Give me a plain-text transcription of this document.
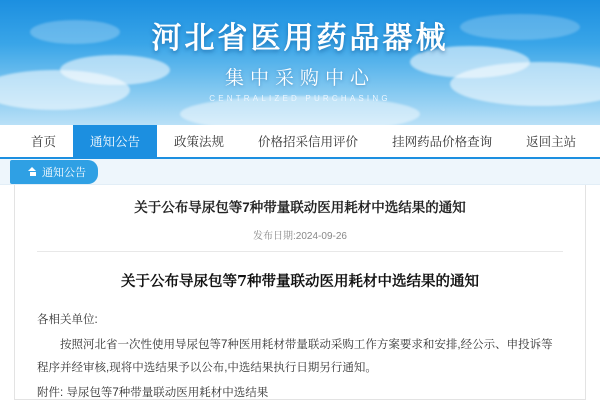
河北省医用药品器械
集中采购中心
CENTRALIZED PURCHASING
首页	通知公告	政策法规	价格招采信用评价	挂网药品价格查询	返回主站
通知公告
关于公布导尿包等7种带量联动医用耗材中选结果的通知
发布日期:2024-09-26
关于公布导尿包等7种带量联动医用耗材中选结果的通知

各相关单位:

按照河北省一次性使用导尿包等7种医用耗材带量联动采购工作方案要求和安排,经公示、申投诉等程序并经审核,现将中选结果予以公布,中选结果执行日期另行通知。

附件: 导尿包等7种带量联动医用耗材中选结果
